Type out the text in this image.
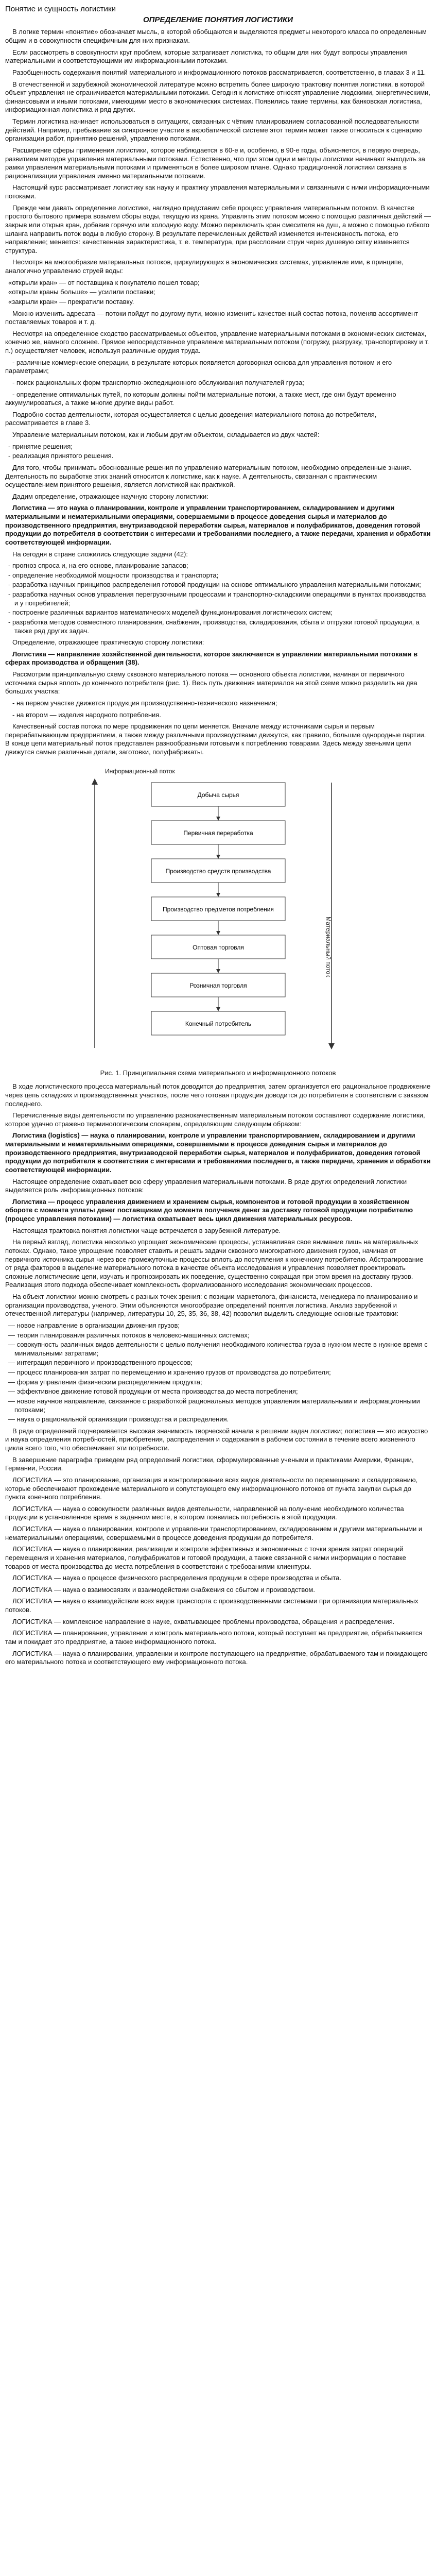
Понятие и сущность логистики
ОПРЕДЕЛЕНИЕ ПОНЯТИЯ ЛОГИСТИКИ

В логике термин «понятие» обозначает мысль, в которой обобщаются и выделяются предметы некоторого класса по определенным общим и в совокупности специфичным для них признакам.

Если рассмотреть в совокупности круг проблем, которые затрагивает логистика, то общим для них будут вопросы управления материальными и соответствующими им информационными потоками.

Разобщенность содержания понятий материального и информационного потоков рассматривается, соответственно, в главах 3 и 11.

В отечественной и зарубежной экономической литературе можно встретить более широкую трактовку понятия логистики, в которой объект управления не ограничивается материальными потоками. Сегодня к логистике относят управление людскими, энергетическими, финансовыми и иными потоками, имеющими место в экономических системах. Появились такие термины, как банковская логистика, информационная логистика и ряд других.

Термин логистика начинает использоваться в ситуациях, связанных с чётким планированием согласованной последовательности действий. Например, пребывание за синхронное участие в акробатической системе этот термин может также относиться к сценарию организации работ, принятию решений, управлению потоками.

Расширение сферы применения логистики, которое наблюдается в 60-е и, особенно, в 90-е годы, объясняется, в первую очередь, развитием методов управления материальными потоками. Естественно, что при этом одни и методы логистики начинают выходить за рамки управления материальными потоками и применяться в более широком плане. Однако традиционной логистики связана в рационализации управления именно материальными потоками.

Настоящий курс рассматривает логистику как науку и практику управления материальными и связанными с ними информационными потоками.

Прежде чем давать определение логистике, наглядно представим себе процесс управления материальным потоком. В качестве простого бытового примера возьмем сборы воды, текущую из крана. Управлять этим потоком можно с помощью различных действий — закрыв или открыв кран, добавив горячую или холодную воду. Можно переключить кран смесителя на душ, а можно с помощью гибкого шланга направить поток воды в любую сторону. В результате перечисленных действий изменяется интенсивность потока, его направление; меняется: качественная характеристика, т. е. температура, при расслоении струи через душевую сетку изменяется структура.

Несмотря на многообразие материальных потоков, циркулирующих в экономических системах, управление ими, в принципе, аналогично управлению струей воды:

«открыли кран» — от поставщика к покупателю пошел товар;
«открыли краны больше» — усилили поставки;
«закрыли кран» — прекратили поставку.

Можно изменить адресата — потоки пойдут по другому пути, можно изменить качественный состав потока, поменяв ассортимент поставляемых товаров и т. д.

Несмотря на определенное сходство рассматриваемых объектов, управление материальными потоками в экономических системах, конечно же, намного сложнее. Прямое непосредственное управление материальным потоком (погрузку, разгрузку, транспортировку и т. п.) осуществляет человек, используя различные орудия труда.

- различные коммерческие операции, в результате которых появляется договорная основа для управления потоком и его параметрами;

- поиск рациональных форм транспортно-экспедиционного обслуживания получателей груза;

- определение оптимальных путей, по которым должны пойти материальные потоки, а также мест, где они будут временно аккумулироваться, а также многие другие виды работ.

Подробно состав деятельности, которая осуществляется с целью доведения материального потока до потребителя, рассматривается в главе 3.

Управление материальным потоком, как и любым другим объектом, складывается из двух частей:

- принятие решения;
- реализация принятого решения.

Для того, чтобы принимать обоснованные решения по управлению материальным потоком, необходимо определенные знания. Деятельность по выработке этих знаний относится к логистике, как к науке. А деятельность, связанная с практическим осуществлением принятого решения, является логистикой как практикой.

Дадим определение, отражающее научную сторону логистики:

Логистика — это наука о планировании, контроле и управлении транспортированием, складированием и другими материальными и нематериальными операциями, совершаемыми в процессе доведения сырья и материалов до производственного предприятия, внутризаводской переработки сырья, материалов и полуфабрикатов, доведения готовой продукции до потребителя в соответствии с интересами и требованиями последнего, а также передачи, хранения и обработки соответствующей информации.

На сегодня в стране сложились следующие задачи (42):

- прогноз спроса и, на его основе, планирование запасов;
- определение необходимой мощности производства и транспорта;
- разработка научных принципов распределения готовой продукции на основе оптимального управления материальными потоками;
- разработка научных основ управления перегрузочными процессами и транспортно-складскими операциями в пунктах производства и у потребителей;
- построение различных вариантов математических моделей функционирования логистических систем;
- разработка методов совместного планирования, снабжения, производства, складирования, сбыта и отгрузки готовой продукции, а также ряд других задач.

Определение, отражающее практическую сторону логистики:

Логистика — направление хозяйственной деятельности, которое заключается в управлении материальными потоками в сферах производства и обращения (38).

Рассмотрим принципиальную схему сквозного материального потока — основного объекта логистики, начиная от первичного источника сырья вплоть до конечного потребителя (рис. 1). Весь путь движения материалов на этой схеме можно разделить на два больших участка:

- на первом участке движется продукция производственно-технического назначения;

- на втором — изделия народного потребления.

Качественный состав потока по мере продвижения по цепи меняется. Вначале между источниками сырья и первым перерабатывающим предприятием, а также между различными производствами движутся, как правило, большие однородные партии. В конце цепи материальный поток представлен разнообразными готовыми к потреблению товарами. Здесь между звеньями цепи движутся самые различные детали, заготовки, полуфабрикаты.

Информационный поток
Материальный поток
Добыча сырья
Первичная переработка
Производство средств производства
Производство предметов потребления
Оптовая торговля
Розничная торговля
Конечный потребитель
Рис. 1. Принципиальная схема материального и информационного потоков

В ходе логистического процесса материальный поток доводится до предприятия, затем организуется его рациональное продвижение через цепь складских и производственных участков, после чего готовая продукция доводится до потребителя в соответствии с заказом последнего.

Перечисленные виды деятельности по управлению разнокачественным материальным потоком составляют содержание логистики, которое удачно отражено терминологическим словарем, определяющим следующим образом:

Логистика (logistics) — наука о планировании, контроле и управлении транспортированием, складированием и другими материальными и нематериальными операциями, совершаемыми в процессе доведения сырья и материалов до производственного предприятия, внутризаводской переработки сырья, материалов и полуфабрикатов, доведения готовой продукции до потребителя в соответствии с интересами и требованиями последнего, а также передачи, хранения и обработки соответствующей информации.

Настоящее определение охватывает всю сферу управления материальными потоками. В ряде других определений логистики выделяется роль информационных потоков:

Логистика — процесс управления движением и хранением сырья, компонентов и готовой продукции в хозяйственном обороте с момента уплаты денег поставщикам до момента получения денег за доставку готовой продукции потребителю (процесс управления потоками) — логистика охватывает весь цикл движения материальных ресурсов.

Настоящая трактовка понятия логистики чаще встречается в зарубежной литературе.

На первый взгляд, логистика несколько упрощает экономические процессы, устанавливая свое внимание лишь на материальных потоках. Однако, такое упрощение позволяет ставить и решать задачи сквозного многократного движения грузов, начиная от первичного источника сырья через все промежуточные процессы вплоть до поступления к конечному потребителю. Абстрагирование от ряда факторов в выделение материального потока в качестве объекта исследования и управления позволяет проектировать сложные логистические цепи, изучать и прогнозировать их поведение, существенно сокращая при этом время на доставку грузов. Реализация этого подхода обеспечивает комплексность формализованного исследования экономических процессов.

На объект логистики можно смотреть с разных точек зрения: с позиции маркетолога, финансиста, менеджера по планированию и организации производства, ученого. Этим объясняются многообразие определений понятия логистика. Анализ зарубежной и отечественной литературы (например, литературы 10, 25, 35, 36, 38, 42) позволил выделить следующие основные трактовки:

— новое направление в организации движения грузов;
— теория планирования различных потоков в человеко-машинных системах;
— совокупность различных видов деятельности с целью получения необходимого количества груза в нужном месте в нужное время с минимальными затратами;
— интеграция первичного и производственного процессов;
— процесс планирования затрат по перемещению и хранению грузов от производства до потребителя;
— форма управления физическим распределением продукта;
— эффективное движение готовой продукции от места производства до места потребления;
— новое научное направление, связанное с разработкой рациональных методов управления материальными и информационными потоками;
— наука о рациональной организации производства и распределения.

В ряде определений подчеркивается высокая значимость творческой начала в решении задач логистики; логистика — это искусство и наука определения потребностей, приобретения, распределения и содержания в рабочем состоянии в течение всего жизненного цикла всего того, что обеспечивает эти потребности.

В завершение параграфа приведем ряд определений логистики, сформулированные учеными и практиками Америки, Франции, Германии, России.

ЛОГИСТИКА — это планирование, организация и контролирование всех видов деятельности по перемещению и складированию, которые обеспечивают прохождение материального и сопутствующего ему информационного потоков от пункта закупки сырья до пункта конечного потребления.

ЛОГИСТИКА — наука о совокупности различных видов деятельности, направленной на получение необходимого количества продукции в установленное время в заданном месте, в котором появилась потребность в этой продукции.

ЛОГИСТИКА — наука о планировании, контроле и управлении транспортированием, складированием и другими материальными и нематериальными операциями, совершаемыми в процессе доведения продукции до потребителя.

ЛОГИСТИКА — наука о планировании, реализации и контроле эффективных и экономичных с точки зрения затрат операций перемещения и хранения материалов, полуфабрикатов и готовой продукции, а также связанной с ними информации о поставке товаров от места производства до места потребления в соответствии с требованиями клиентуры.

ЛОГИСТИКА — наука о процессе физического распределения продукции в сфере производства и сбыта.

ЛОГИСТИКА — наука о взаимосвязях и взаимодействии снабжения со сбытом и производством.

ЛОГИСТИКА — наука о взаимодействии всех видов транспорта с производственными системами при организации материальных потоков.

ЛОГИСТИКА — комплексное направление в науке, охватывающее проблемы производства, обращения и распределения.

ЛОГИСТИКА — планирование, управление и контроль материального потока, который поступает на предприятие, обрабатывается там и покидает это предприятие, а также информационного потока.

ЛОГИСТИКА — наука о планировании, управлении и контроле поступающего на предприятие, обрабатываемого там и покидающего его материального потока и соответствующего ему информационного потока.
